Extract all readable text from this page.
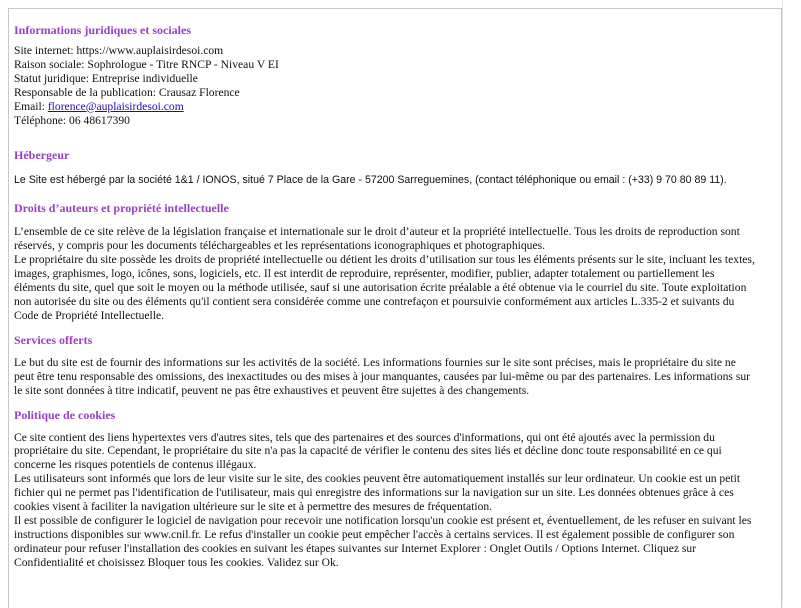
Informations juridiques et sociales
Site internet: https://www.auplaisirdesoi.com
Raison sociale: Sophrologue - Titre RNCP - Niveau V EI
Statut juridique: Entreprise individuelle
Responsable de la publication: Crausaz Florence
Email: florence@auplaisirdesoi.com
Téléphone: 06 48617390
Hébergeur

Le Site est hébergé par la société 1&1 / IONOS, situé 7 Place de la Gare - 57200 Sarreguemines, (contact téléphonique ou email : (+33) 9 70 80 89 11).

Droits d’auteurs et propriété intellectuelle
L’ensemble de ce site relève de la législation française et internationale sur le droit d’auteur et la propriété intellectuelle. Tous les droits de reproduction sont
réservés, y compris pour les documents téléchargeables et les représentations iconographiques et photographiques.
Le propriétaire du site possède les droits de propriété intellectuelle ou détient les droits d’utilisation sur tous les éléments présents sur le site, incluant les textes,
images, graphismes, logo, icônes, sons, logiciels, etc. Il est interdit de reproduire, représenter, modifier, publier, adapter totalement ou partiellement les
éléments du site, quel que soit le moyen ou la méthode utilisée, sauf si une autorisation écrite préalable a été obtenue via le courriel du site. Toute exploitation
non autorisée du site ou des éléments qu'il contient sera considérée comme une contrefaçon et poursuivie conformément aux articles L.335-2 et suivants du
Code de Propriété Intellectuelle.
Services offerts
Le but du site est de fournir des informations sur les activités de la société. Les informations fournies sur le site sont précises, mais le propriétaire du site ne
peut être tenu responsable des omissions, des inexactitudes ou des mises à jour manquantes, causées par lui-même ou par des partenaires. Les informations sur
le site sont données à titre indicatif, peuvent ne pas être exhaustives et peuvent être sujettes à des changements.
Politique de cookies
Ce site contient des liens hypertextes vers d'autres sites, tels que des partenaires et des sources d'informations, qui ont été ajoutés avec la permission du
propriétaire du site. Cependant, le propriétaire du site n'a pas la capacité de vérifier le contenu des sites liés et décline donc toute responsabilité en ce qui
concerne les risques potentiels de contenus illégaux.
Les utilisateurs sont informés que lors de leur visite sur le site, des cookies peuvent être automatiquement installés sur leur ordinateur. Un cookie est un petit
fichier qui ne permet pas l'identification de l'utilisateur, mais qui enregistre des informations sur la navigation sur un site. Les données obtenues grâce à ces
cookies visent à faciliter la navigation ultérieure sur le site et à permettre des mesures de fréquentation.
Il est possible de configurer le logiciel de navigation pour recevoir une notification lorsqu'un cookie est présent et, éventuellement, de les refuser en suivant les
instructions disponibles sur www.cnil.fr. Le refus d'installer un cookie peut empêcher l'accès à certains services. Il est également possible de configurer son
ordinateur pour refuser l'installation des cookies en suivant les étapes suivantes sur Internet Explorer : Onglet Outils / Options Internet. Cliquez sur
Confidentialité et choisissez Bloquer tous les cookies. Validez sur Ok.
